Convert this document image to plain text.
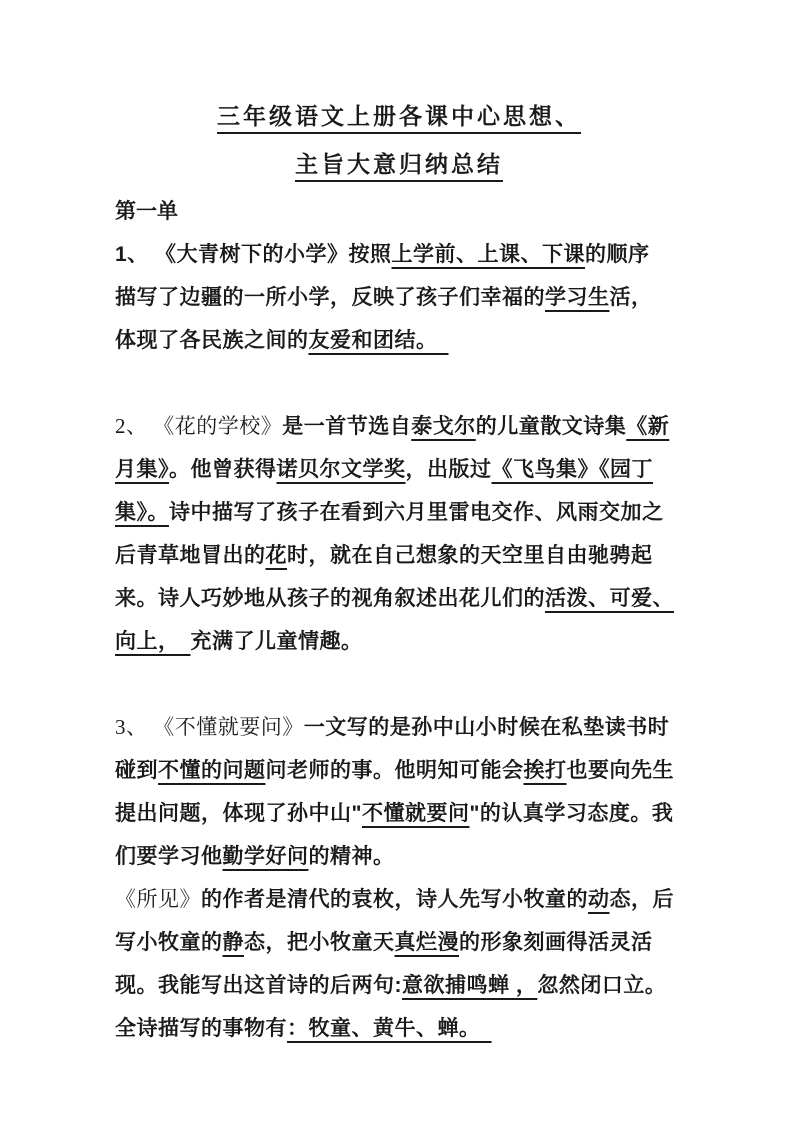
三年级语文上册各课中心思想、
主旨大意归纳总结
第一单
1、 《大青树下的小学》按照上学前、上课、下课的顺序
描写了边疆的一所小学，反映了孩子们幸福的学习生活，
体现了各民族之间的友爱和团结。　
2、 《花的学校》是一首节选自泰戈尔的儿童散文诗集《新
月集》。他曾获得诺贝尔文学奖，出版过《飞鸟集》《园丁
集》。诗中描写了孩子在看到六月里雷电交作、风雨交加之
后青草地冒出的花时，就在自己想象的天空里自由驰骋起
来。诗人巧妙地从孩子的视角叙述出花儿们的活泼、可爱、
向上，　充满了儿童情趣。
3、 《不懂就要问》一文写的是孙中山小时候在私垫读书时
碰到不懂的问题问老师的事。他明知可能会挨打也要向先生
提出问题，体现了孙中山"不懂就要问"的认真学习态度。我
们要学习他勤学好问的精神。
《所见》的作者是清代的袁枚，诗人先写小牧童的动态，后
写小牧童的静态，把小牧童天真烂漫的形象刻画得活灵活
现。我能写出这首诗的后两句:意欲捕鸣蝉 ，忽然闭口立。
全诗描写的事物有：牧童、黄牛、蝉。　
